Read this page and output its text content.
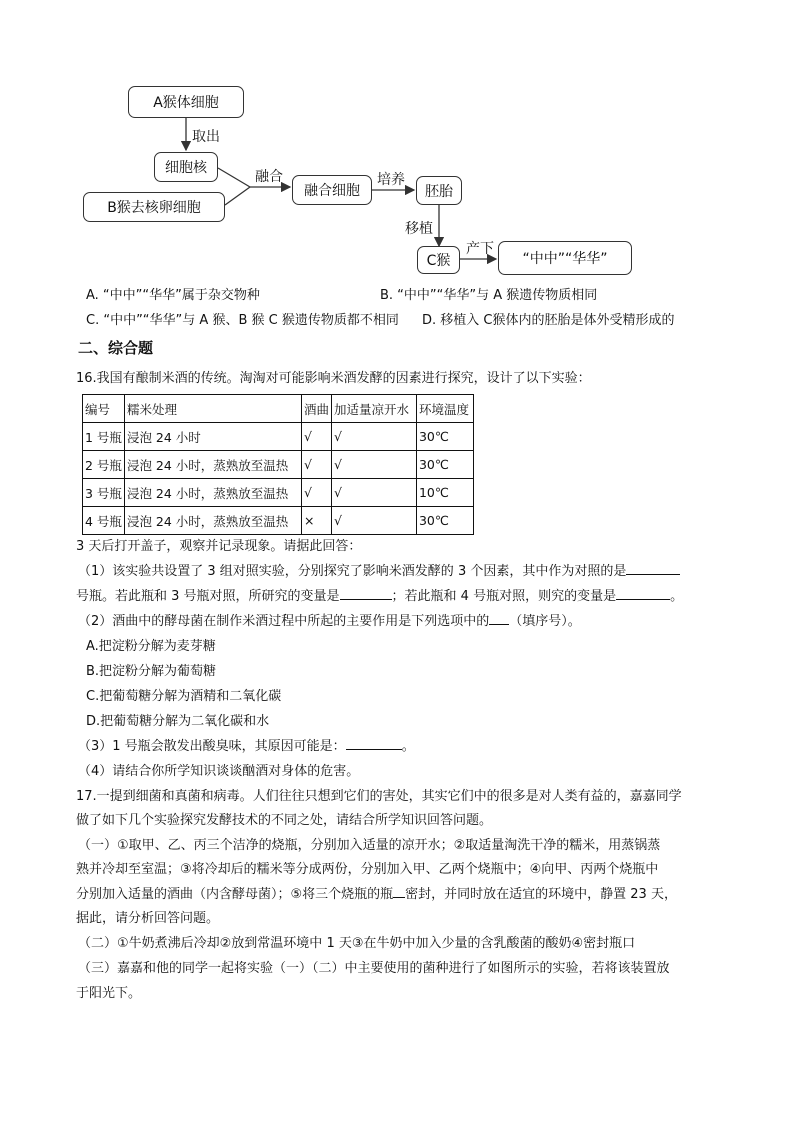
A猴体细胞
取出
细胞核
B猴去核卵细胞
融合
融合细胞
培养
胚胎
移植
C猴
产下
“中中”“华华”
A. “中中”“华华”属于杂交物种	B. “中中”“华华”与 A 猴遗传物质相同
C. “中中”“华华”与 A 猴、B 猴 C 猴遗传物质都不相同 D. 移植入 C猴体内的胚胎是体外受精形成的
二、综合题
16.我国有酿制米酒的传统。淘淘对可能影响米酒发酵的因素进行探究，设计了以下实验：
编号	糯米处理	酒曲	加适量凉开水	环境温度
1 号瓶	浸泡 24 小时	√	√	30℃
2 号瓶	浸泡 24 小时，蒸熟放至温热	√	√	30℃
3 号瓶	浸泡 24 小时，蒸熟放至温热	√	√	10℃
4 号瓶	浸泡 24 小时，蒸熟放至温热	×	√	30℃
3 天后打开盖子，观察并记录现象。请据此回答：
（1）该实验共设置了 3 组对照实验，分别探究了影响米酒发酵的 3 个因素，其中作为对照的是
号瓶。若此瓶和 3 号瓶对照，所研究的变量是	；若此瓶和 4 号瓶对照，则究的变量是	。
（2）酒曲中的酵母菌在制作米酒过程中所起的主要作用是下列选项中的 （填序号）。
A.把淀粉分解为麦芽糖
B.把淀粉分解为葡萄糖
C.把葡萄糖分解为酒精和二氧化碳
D.把葡萄糖分解为二氧化碳和水
（3）1 号瓶会散发出酸臭味，其原因可能是：	。
（4）请结合你所学知识谈谈酗酒对身体的危害。
17.一提到细菌和真菌和病毒。人们往往只想到它们的害处，其实它们中的很多是对人类有益的，嘉嘉同学
做了如下几个实验探究发酵技术的不同之处，请结合所学知识回答问题。
（一）①取甲、乙、丙三个洁净的烧瓶，分别加入适量的凉开水；②取适量淘洗干净的糯米，用蒸锅蒸
熟并冷却至室温；③将冷却后的糯米等分成两份，分别加入甲、乙两个烧瓶中；④向甲、丙两个烧瓶中
分别加入适量的酒曲（内含酵母菌）；⑤将三个烧瓶的瓶 密封，并同时放在适宜的环境中，静置 23 天，
据此，请分析回答问题。
（二）①牛奶煮沸后冷却②放到常温环境中 1 天③在牛奶中加入少量的含乳酸菌的酸奶④密封瓶口
（三）嘉嘉和他的同学一起将实验（一）（二）中主要使用的菌种进行了如图所示的实验，若将该装置放
于阳光下。
